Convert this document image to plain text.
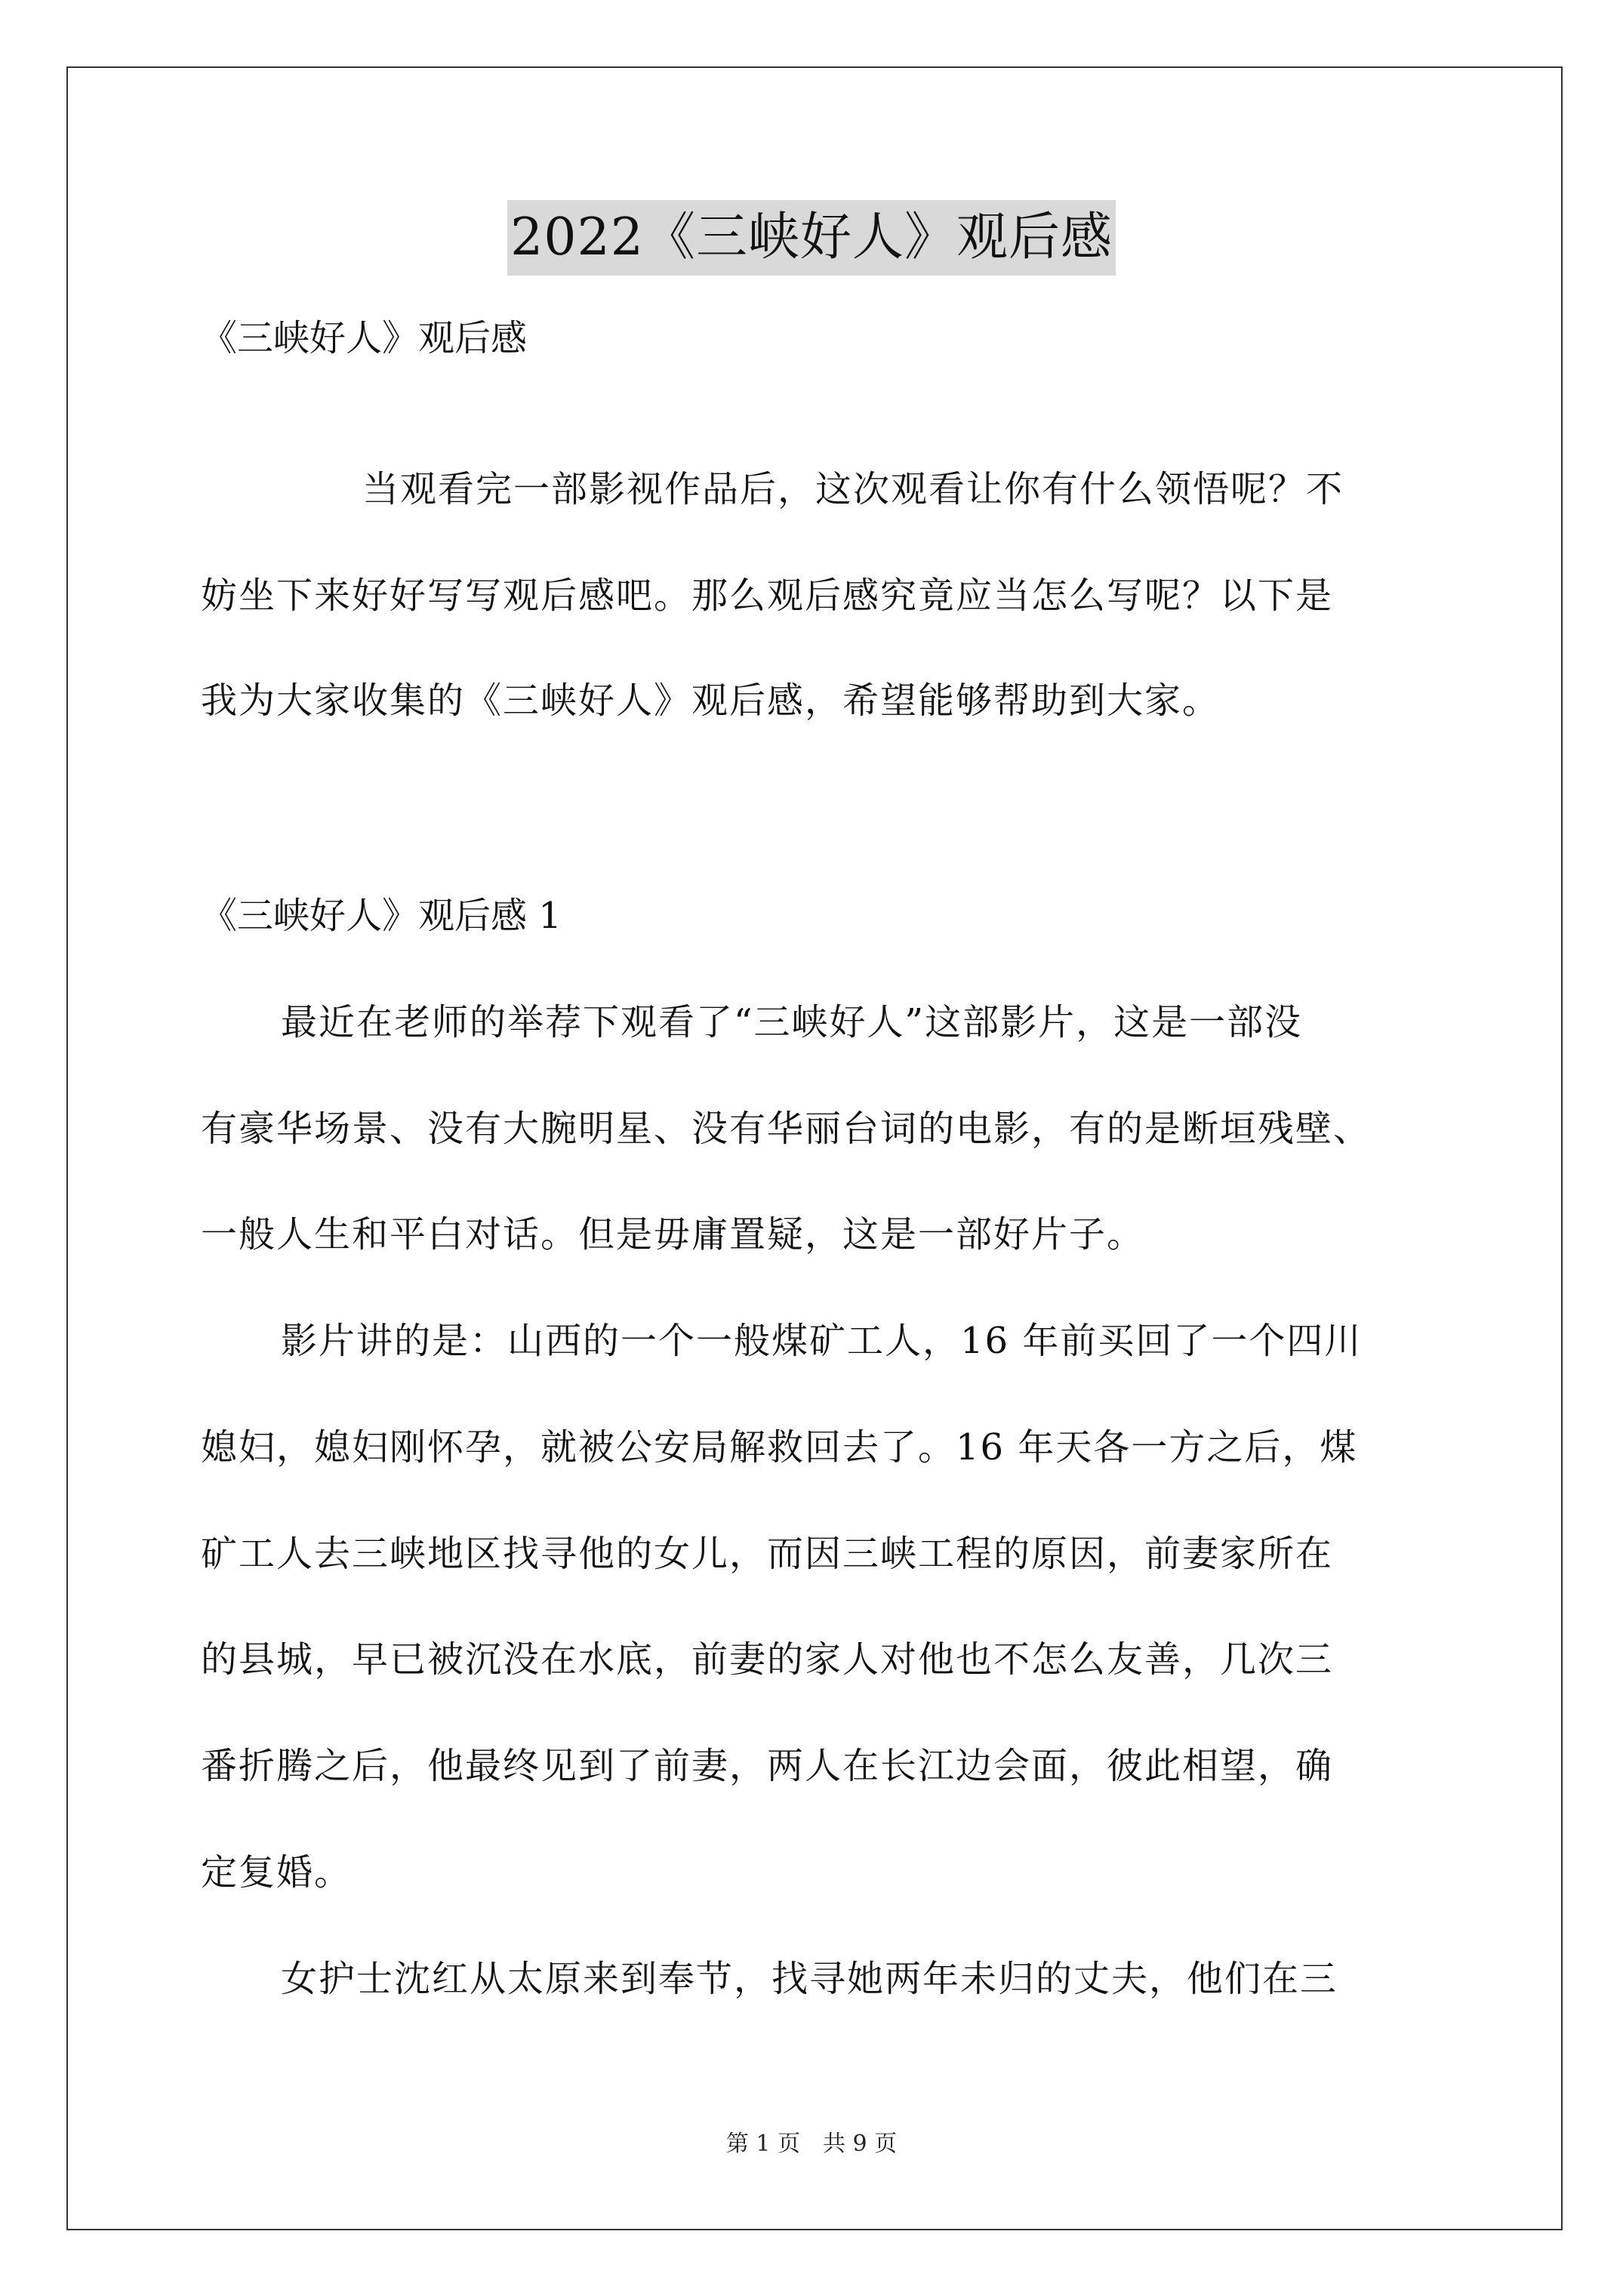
2022《三峡好人》观后感
《三峡好人》观后感
当观看完一部影视作品后，这次观看让你有什么领悟呢？不
妨坐下来好好写写观后感吧。那么观后感究竟应当怎么写呢？以下是
我为大家收集的《三峡好人》观后感，希望能够帮助到大家。
《三峡好人》观后感 1
最近在老师的举荐下观看了“三峡好人”这部影片，这是一部没
有豪华场景、没有大腕明星、没有华丽台词的电影，有的是断垣残壁、
一般人生和平白对话。但是毋庸置疑，这是一部好片子。
影片讲的是：山西的一个一般煤矿工人，16 年前买回了一个四川
媳妇，媳妇刚怀孕，就被公安局解救回去了。16 年天各一方之后，煤
矿工人去三峡地区找寻他的女儿，而因三峡工程的原因，前妻家所在
的县城，早已被沉没在水底，前妻的家人对他也不怎么友善，几次三
番折腾之后，他最终见到了前妻，两人在长江边会面，彼此相望，确
定复婚。
女护士沈红从太原来到奉节，找寻她两年未归的丈夫，他们在三
第 1 页　共 9 页
